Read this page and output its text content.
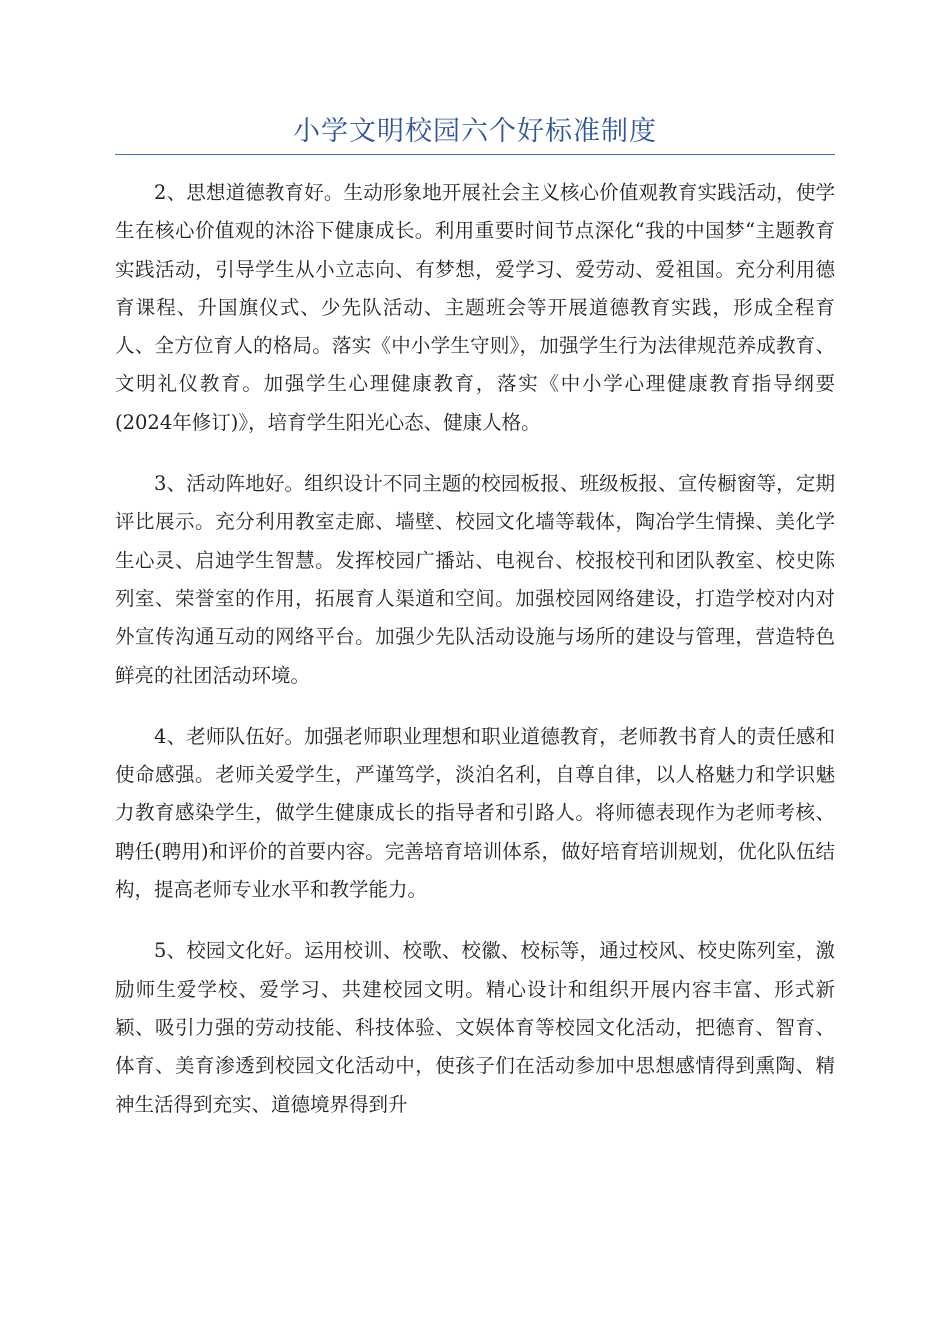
小学文明校园六个好标准制度

2、思想道德教育好。生动形象地开展社会主义核心价值观教育实践活动，使学生在核心价值观的沐浴下健康成长。利用重要时间节点深化“我的中国梦“主题教育实践活动，引导学生从小立志向、有梦想，爱学习、爱劳动、爱祖国。充分利用德育课程、升国旗仪式、少先队活动、主题班会等开展道德教育实践，形成全程育人、全方位育人的格局。落实《中小学生守则》，加强学生行为法律规范养成教育、文明礼仪教育。加强学生心理健康教育，落实《中小学心理健康教育指导纲要(2024年修订)》，培育学生阳光心态、健康人格。

3、活动阵地好。组织设计不同主题的校园板报、班级板报、宣传橱窗等，定期评比展示。充分利用教室走廊、墙壁、校园文化墙等载体，陶冶学生情操、美化学生心灵、启迪学生智慧。发挥校园广播站、电视台、校报校刊和团队教室、校史陈列室、荣誉室的作用，拓展育人渠道和空间。加强校园网络建设，打造学校对内对外宣传沟通互动的网络平台。加强少先队活动设施与场所的建设与管理，营造特色鲜亮的社团活动环境。

4、老师队伍好。加强老师职业理想和职业道德教育，老师教书育人的责任感和使命感强。老师关爱学生，严谨笃学，淡泊名利，自尊自律，以人格魅力和学识魅力教育感染学生，做学生健康成长的指导者和引路人。将师德表现作为老师考核、聘任(聘用)和评价的首要内容。完善培育培训体系，做好培育培训规划，优化队伍结构，提高老师专业水平和教学能力。

5、校园文化好。运用校训、校歌、校徽、校标等，通过校风、校史陈列室，激励师生爱学校、爱学习、共建校园文明。精心设计和组织开展内容丰富、形式新颖、吸引力强的劳动技能、科技体验、文娱体育等校园文化活动，把德育、智育、体育、美育渗透到校园文化活动中，使孩子们在活动参加中思想感情得到熏陶、精神生活得到充实、道德境界得到升
